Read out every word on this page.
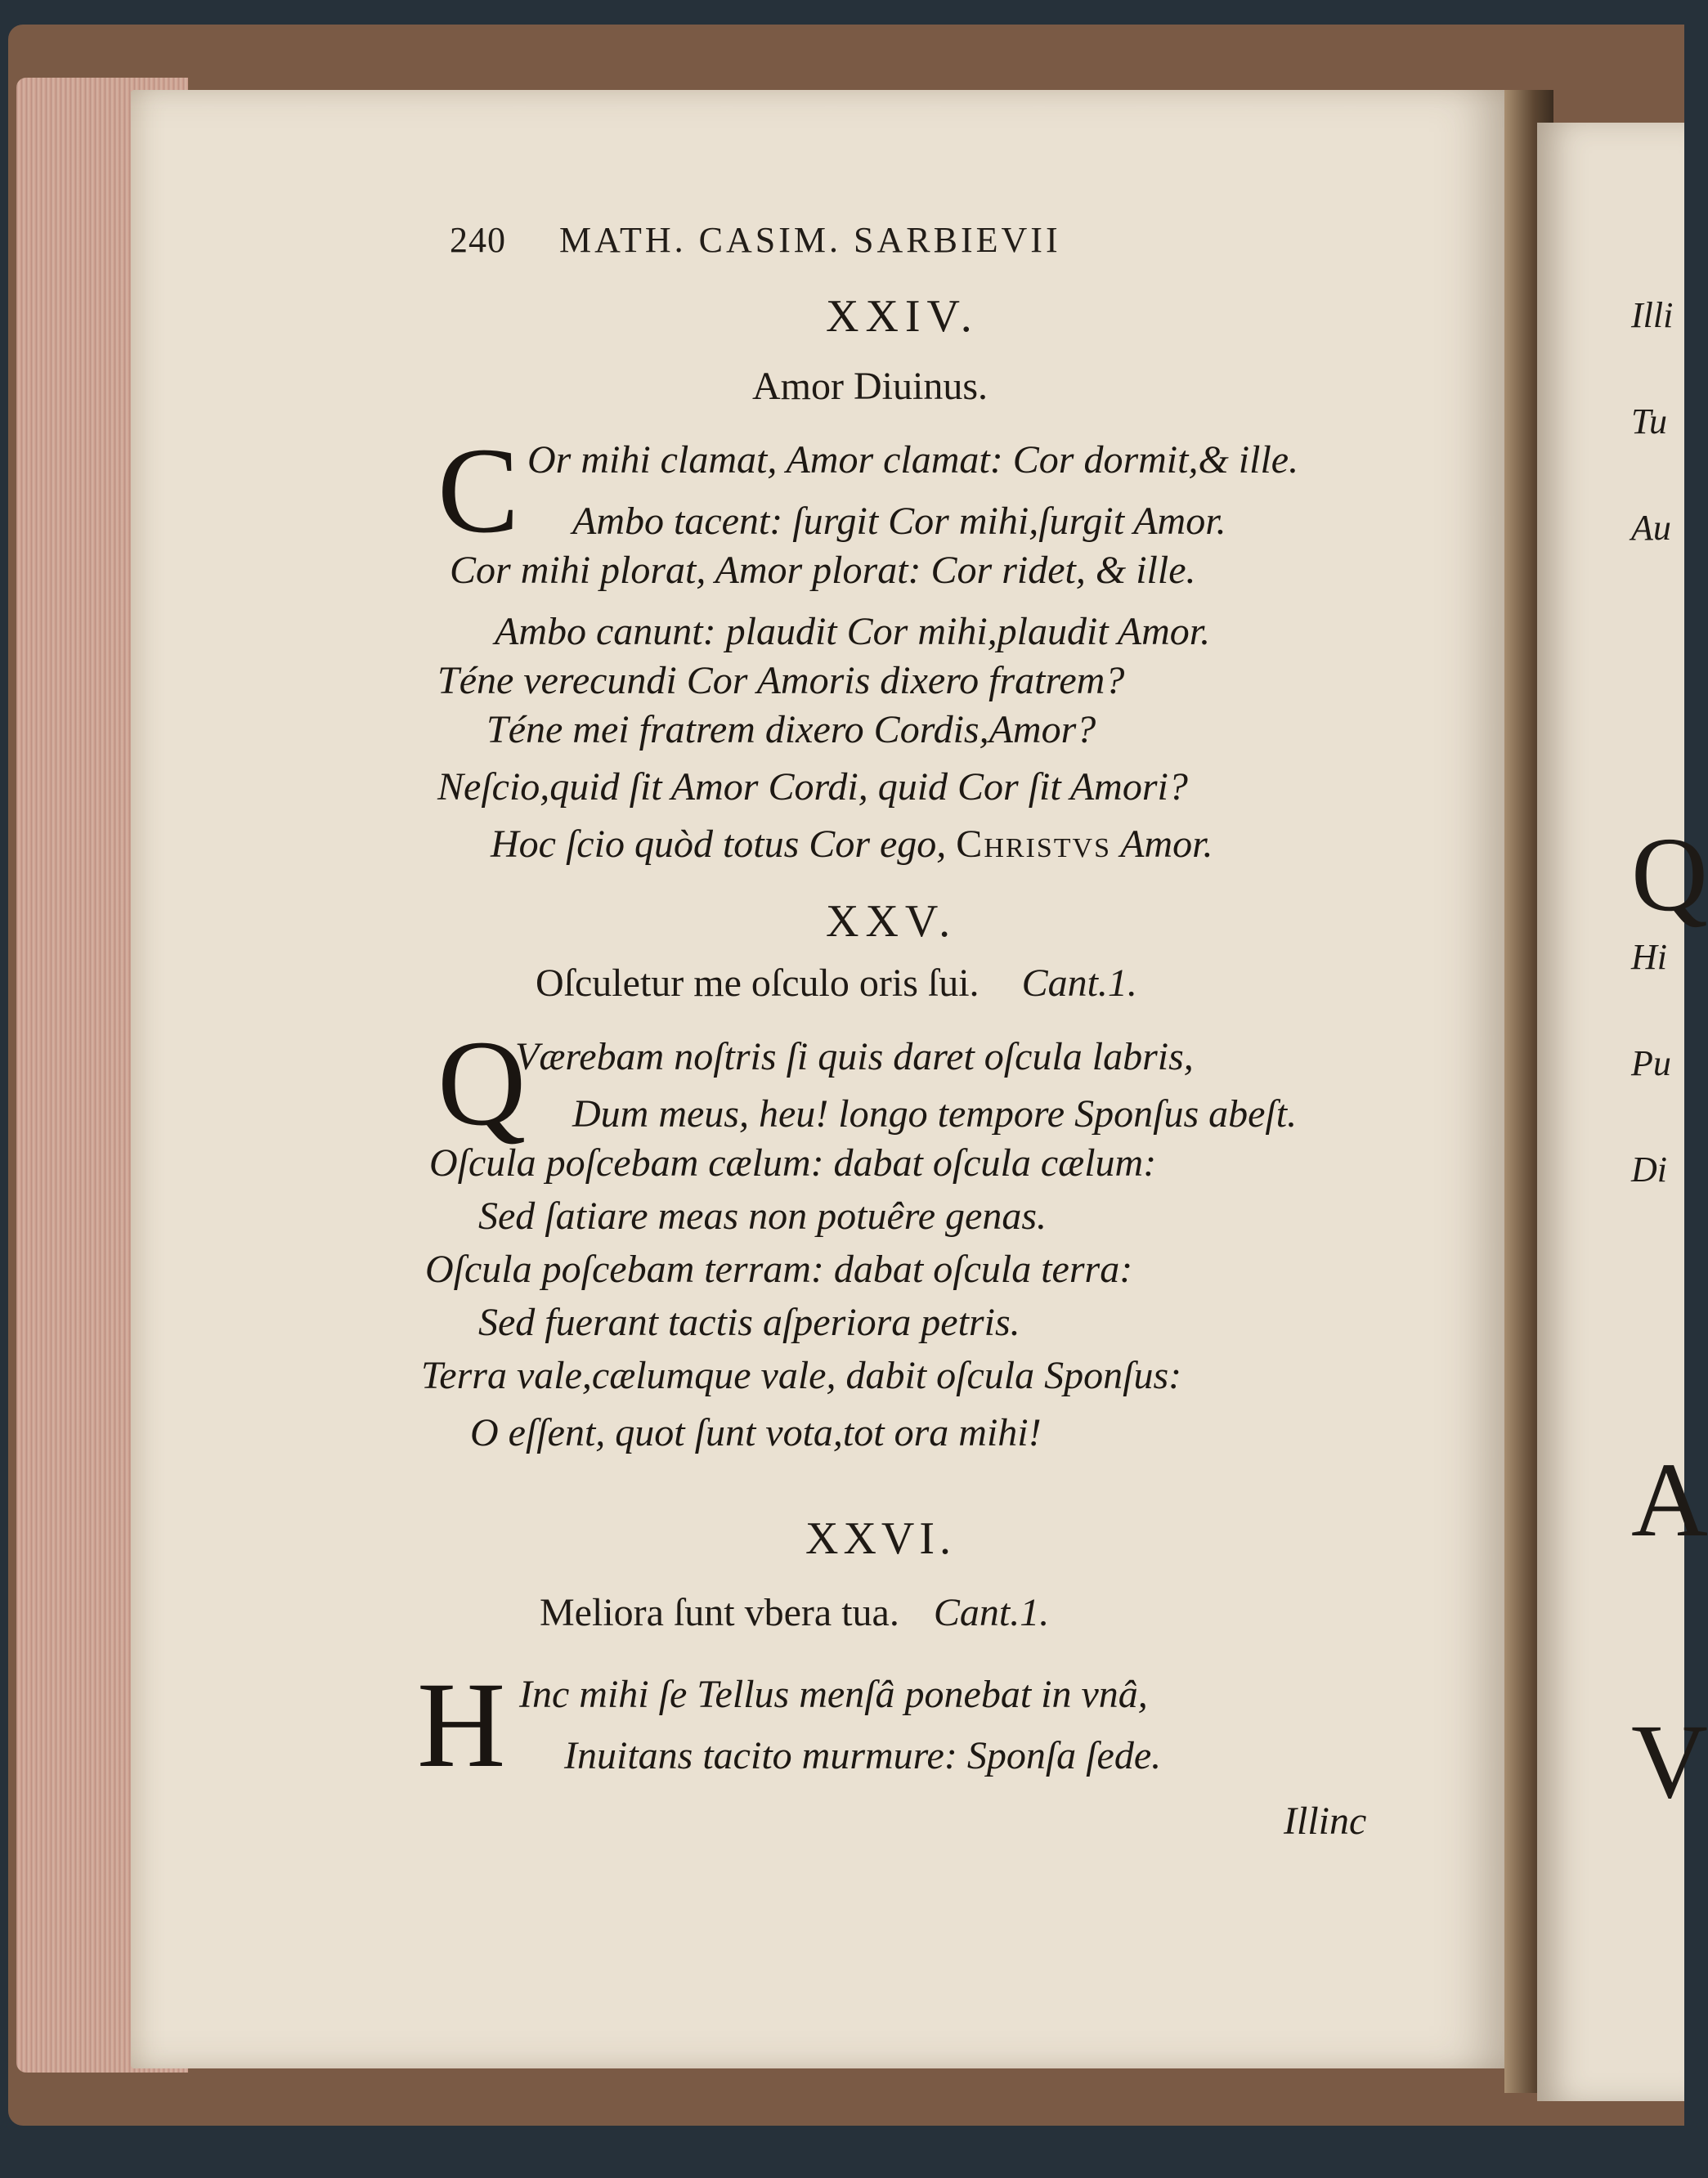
Illi
Tu
Au
Q
Hi
Pu
Di
A
V
240 MATH. CASIM. SARBIEVII
XXIV.
Amor Diuinus.
C Or mihi clamat, Amor clamat: Cor dormit,& ille.
Ambo tacent: ſurgit Cor mihi,ſurgit Amor.
Cor mihi plorat, Amor plorat: Cor ridet, & ille.
Ambo canunt: plaudit Cor mihi,plaudit Amor.
Téne verecundi Cor Amoris dixero fratrem?
Téne mei fratrem dixero Cordis,Amor?
Neſcio,quid ſit Amor Cordi, quid Cor ſit Amori?
Hoc ſcio quòd totus Cor ego, Christvs Amor.
XXV.
Oſculetur me oſculo oris ſui. Cant.1.
Q
Værebam noſtris ſi quis daret oſcula labris,
Dum meus, heu! longo tempore Sponſus abeſt.
Oſcula poſcebam cælum: dabat oſcula cælum:
Sed ſatiare meas non potuêre genas.
Oſcula poſcebam terram: dabat oſcula terra:
Sed fuerant tactis aſperiora petris.
Terra vale,cælumque vale, dabit oſcula Sponſus:
O eſſent, quot ſunt vota,tot ora mihi!
XXVI.
Meliora ſunt vbera tua. Cant.1.
H Inc mihi ſe Tellus menſâ ponebat in vnâ,
Inuitans tacito murmure: Sponſa ſede.
Illinc
